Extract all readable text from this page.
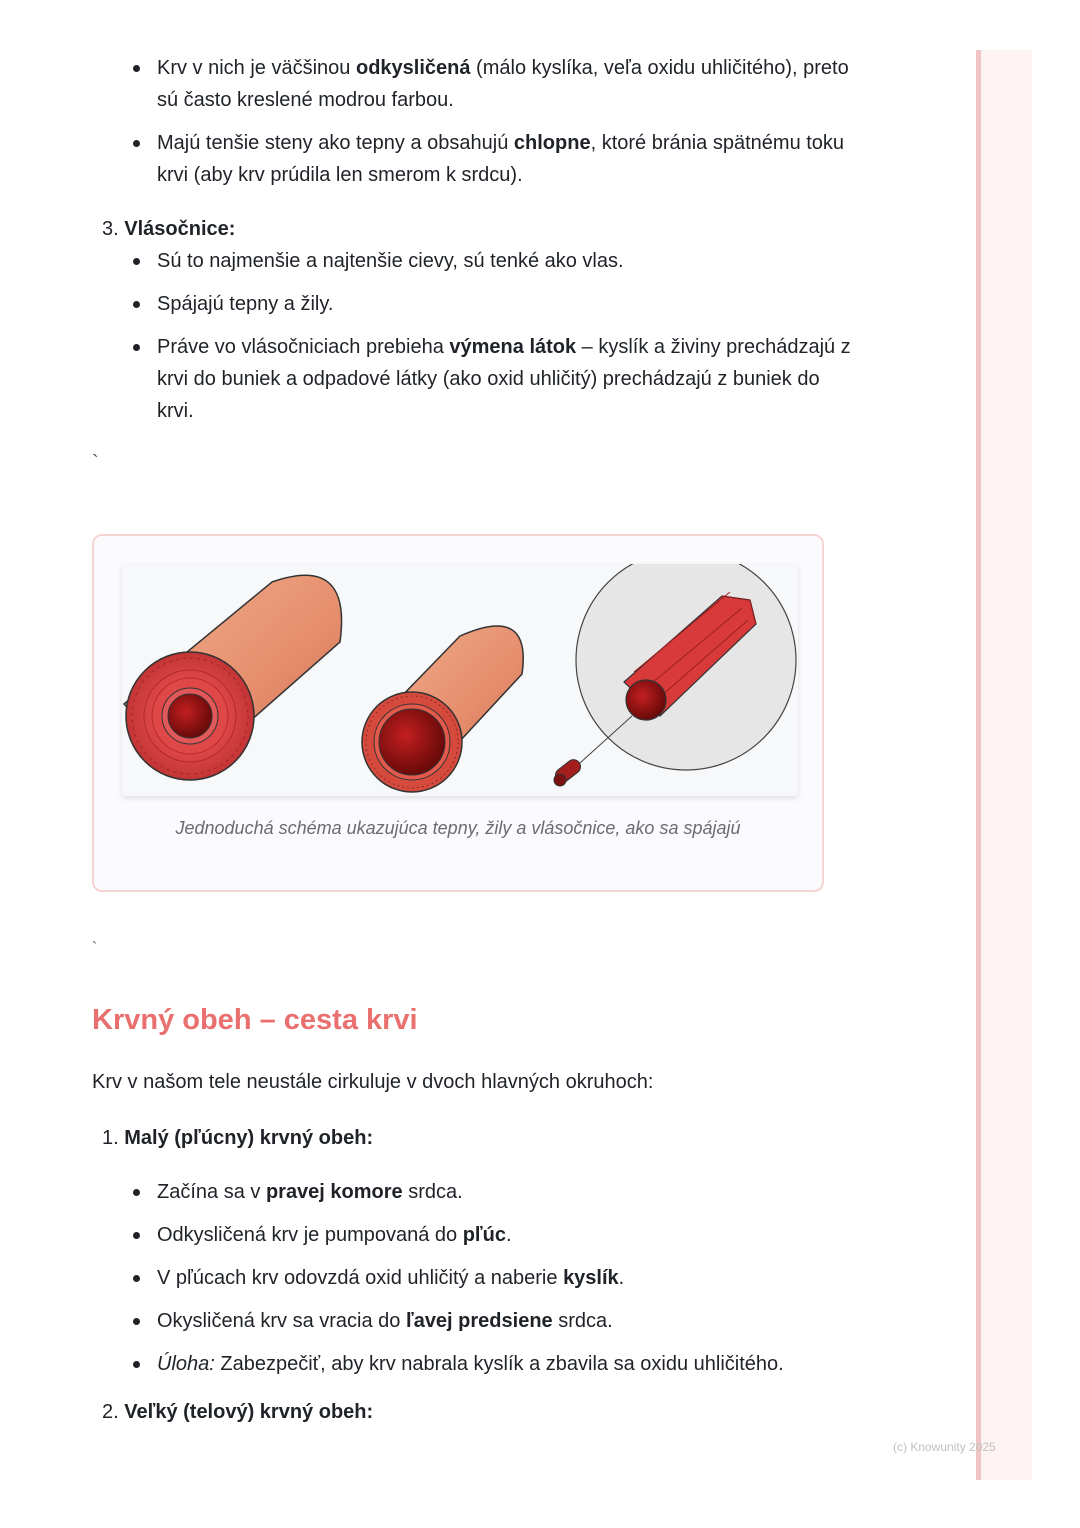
Krv v nich je väčšinou odkysličená (málo kyslíka, veľa oxidu uhličitého), preto sú často kreslené modrou farbou.
Majú tenšie steny ako tepny a obsahujú chlopne, ktoré bránia spätnému toku krvi (aby krv prúdila len smerom k srdcu).
3. Vlásočnice:
Sú to najmenšie a najtenšie cievy, sú tenké ako vlas.
Spájajú tepny a žily.
Práve vo vlásočniciach prebieha výmena látok – kyslík a živiny prechádzajú z krvi do buniek a odpadové látky (ako oxid uhličitý) prechádzajú z buniek do krvi.
`
Jednoduchá schéma ukazujúca tepny, žily a vlásočnice, ako sa spájajú
`
Krvný obeh – cesta krvi
Krv v našom tele neustále cirkuluje v dvoch hlavných okruhoch:
1. Malý (pľúcny) krvný obeh:
Začína sa v pravej komore srdca.
Odkysličená krv je pumpovaná do pľúc.
V pľúcach krv odovzdá oxid uhličitý a naberie kyslík.
Okysličená krv sa vracia do ľavej predsiene srdca.
Úloha: Zabezpečiť, aby krv nabrala kyslík a zbavila sa oxidu uhličitého.
2. Veľký (telový) krvný obeh:
(c) Knowunity 2025
